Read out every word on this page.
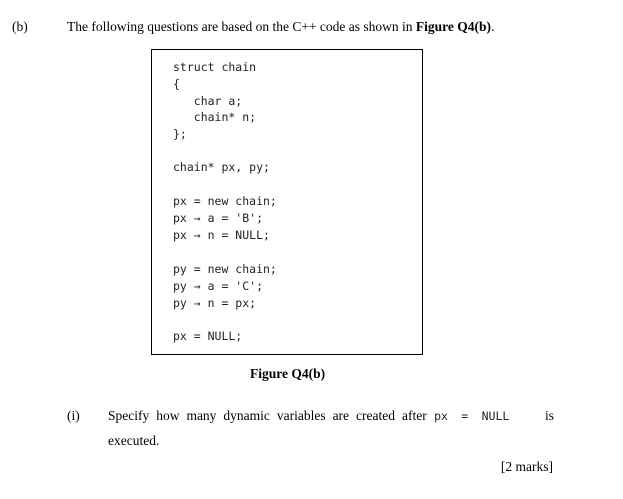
(b)	The following questions are based on the C++ code as shown in Figure Q4(b).
struct chain
{
char a;
chain* n;
};
chain* px, py;
px = new chain;
px → a = 'B';
px → n = NULL;
py = new chain;
py → a = 'C';
py → n = px;
px = NULL;
Figure Q4(b)
(i) Specify how many dynamic variables are created after px = NULL	is
executed.
[2 marks]
